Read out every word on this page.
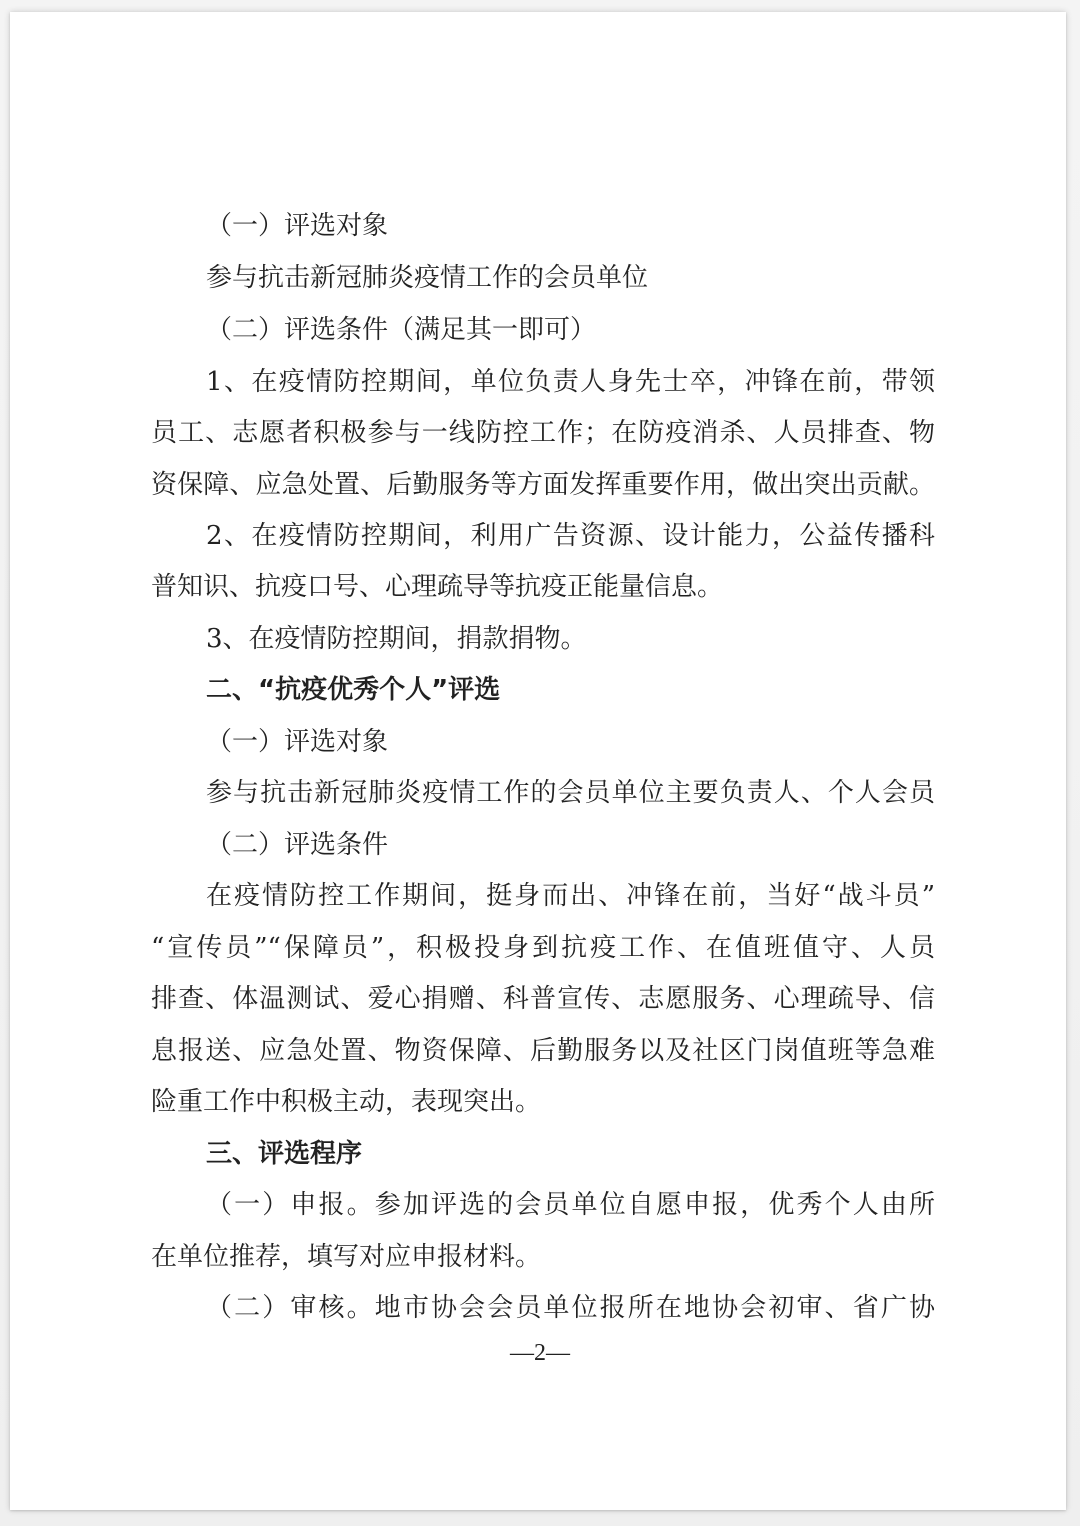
（一）评选对象
参与抗击新冠肺炎疫情工作的会员单位
（二）评选条件（满足其一即可）
1、在疫情防控期间，单位负责人身先士卒，冲锋在前，带领
员工、志愿者积极参与一线防控工作；在防疫消杀、人员排查、物
资保障、应急处置、后勤服务等方面发挥重要作用，做出突出贡献。
2、在疫情防控期间，利用广告资源、设计能力，公益传播科
普知识、抗疫口号、心理疏导等抗疫正能量信息。
3、在疫情防控期间，捐款捐物。
二、“抗疫优秀个人”评选
（一）评选对象
参与抗击新冠肺炎疫情工作的会员单位主要负责人、个人会员
（二）评选条件
在疫情防控工作期间，挺身而出、冲锋在前，当好“战斗员”
“宣传员”“保障员”，积极投身到抗疫工作、在值班值守、人员
排查、体温测试、爱心捐赠、科普宣传、志愿服务、心理疏导、信
息报送、应急处置、物资保障、后勤服务以及社区门岗值班等急难
险重工作中积极主动，表现突出。
三、评选程序
（一）申报。参加评选的会员单位自愿申报，优秀个人由所
在单位推荐，填写对应申报材料。
（二）审核。地市协会会员单位报所在地协会初审、省广协
—2—
